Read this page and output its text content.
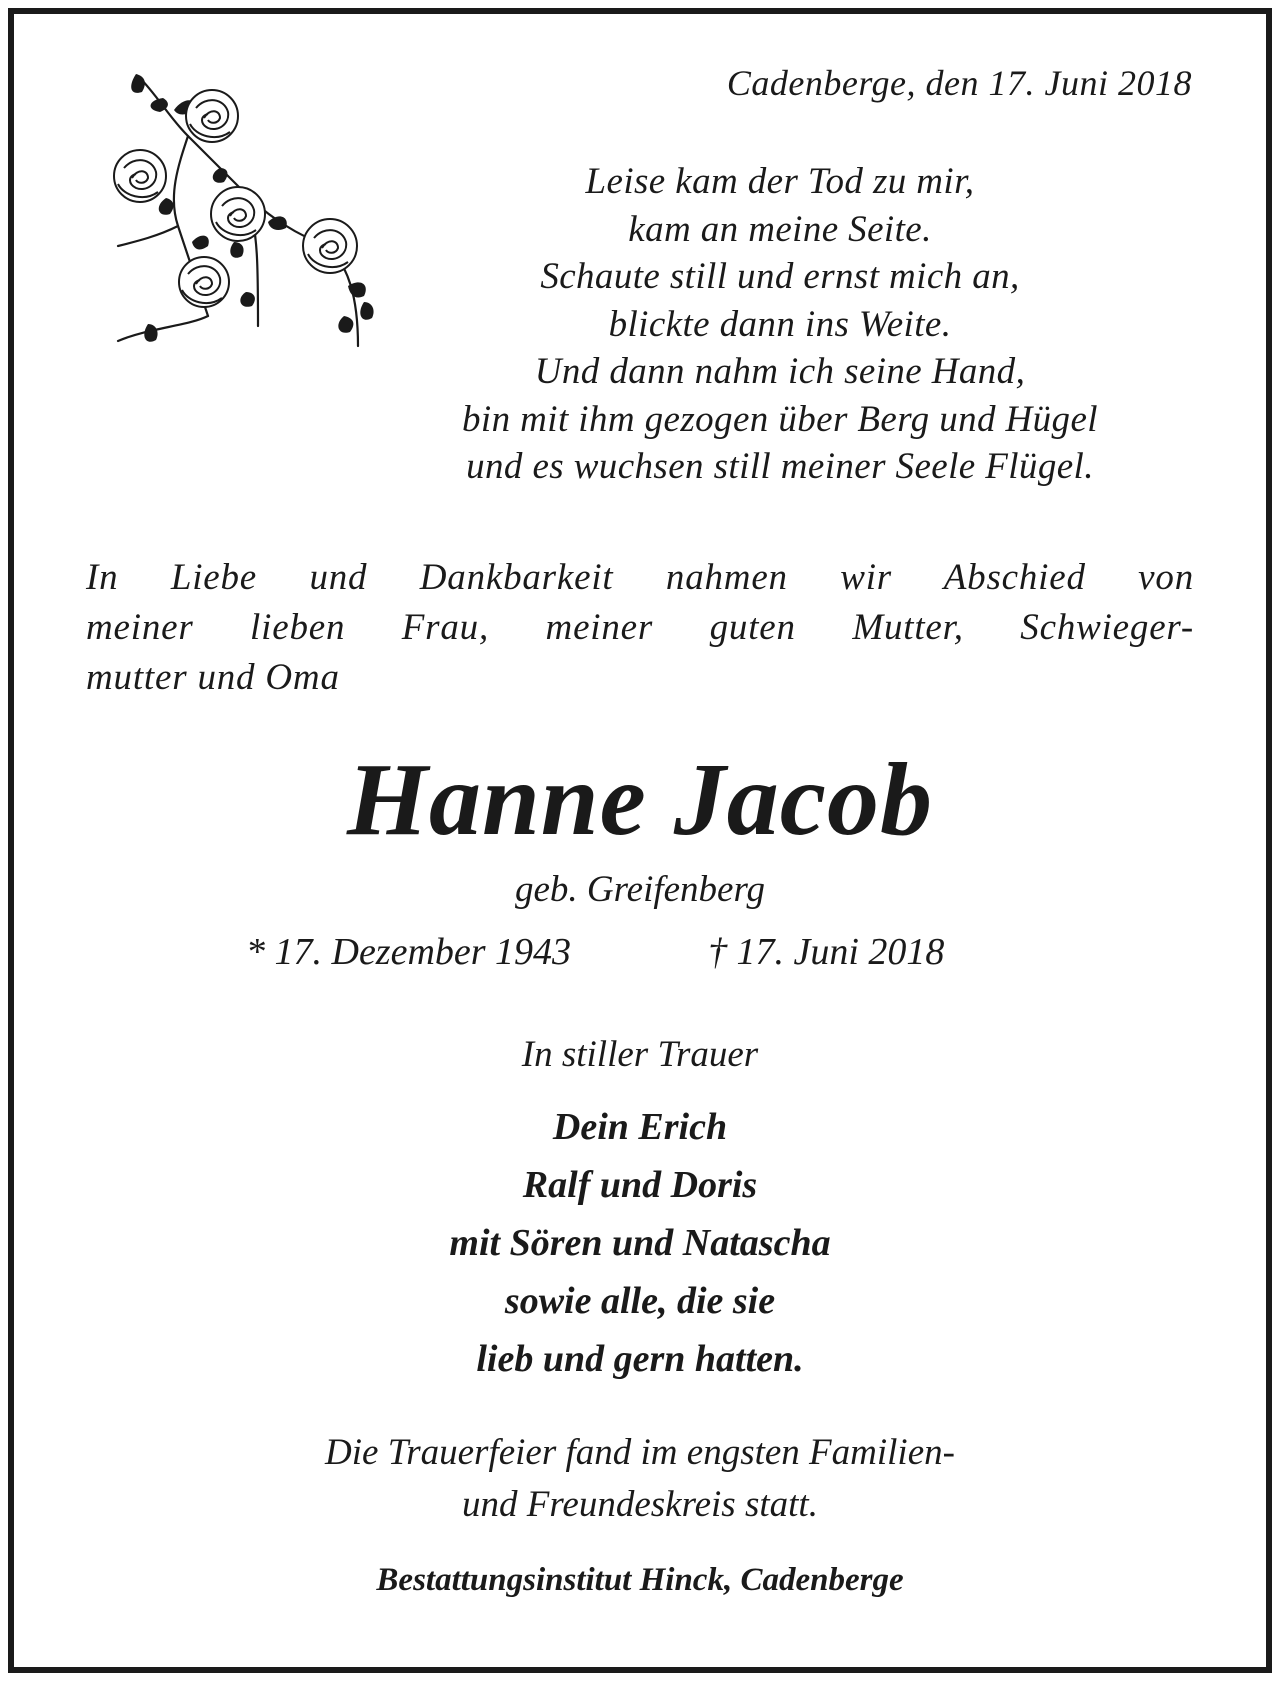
Cadenberge, den 17. Juni 2018
Leise kam der Tod zu mir,
kam an meine Seite.
Schaute still und ernst mich an,
blickte dann ins Weite.
Und dann nahm ich seine Hand,
bin mit ihm gezogen über Berg und Hügel
und es wuchsen still meiner Seele Flügel.
In Liebe und Dankbarkeit nahmen wir Abschied von
meiner lieben Frau, meiner guten Mutter, Schwieger-
mutter und Oma
Hanne Jacob
geb. Greifenberg
* 17. Dezember 1943	† 17. Juni 2018
In stiller Trauer
Dein Erich
Ralf und Doris
mit Sören und Natascha
sowie alle, die sie
lieb und gern hatten.
Die Trauerfeier fand im engsten Familien-
und Freundeskreis statt.
Bestattungsinstitut Hinck, Cadenberge
